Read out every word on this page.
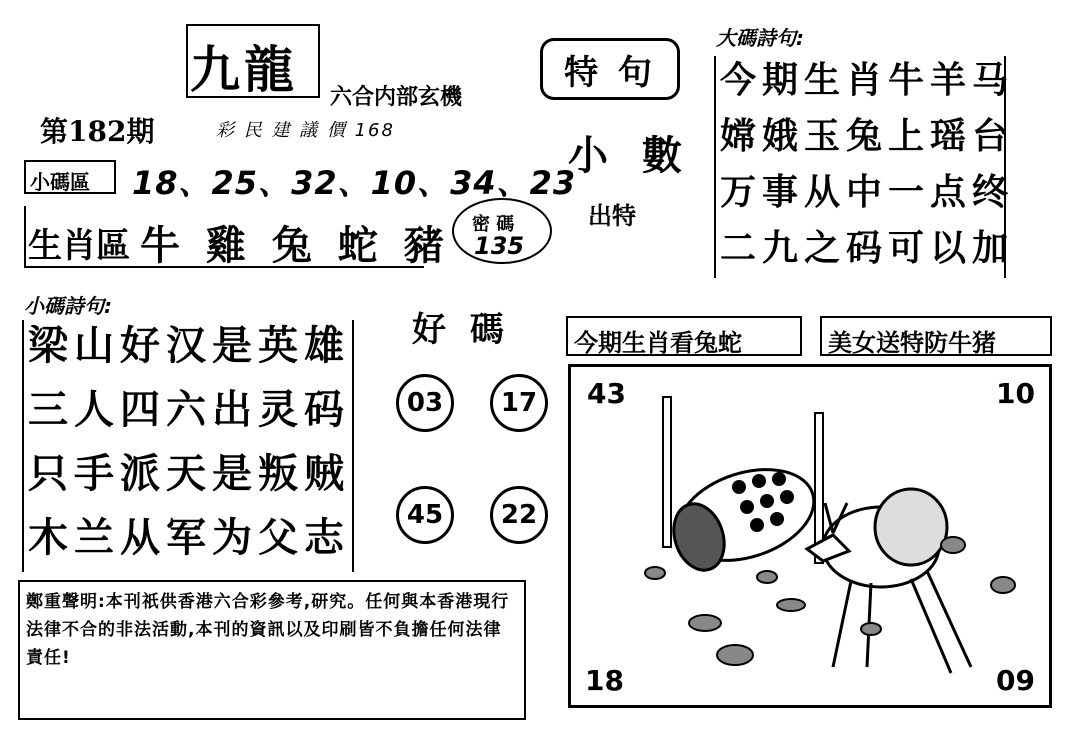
九龍 六合内部玄機
第182期	彩 民 建 議 價 168
小碼區 18、25、32、10、34、23
生肖區 牛 雞 兔 蛇 豬 密 碼
135
特 句
小 數
出特
大碼詩句:
今期生肖牛羊马
嫦娥玉兔上瑶台
万事从中一点终
二九之码可以加
小碼詩句:
梁山好汉是英雄
三人四六出灵码
只手派天是叛贼
木兰从军为父志
好 碼
03	17
45	22
今期生肖看兔蛇	美女送特防牛猪
43	10
18	09
鄭重聲明:本刊祇供香港六合彩參考,研究。任何與本香港現行法律不合的非法活動,本刊的資訊以及印刷皆不負擔任何法律責任!
